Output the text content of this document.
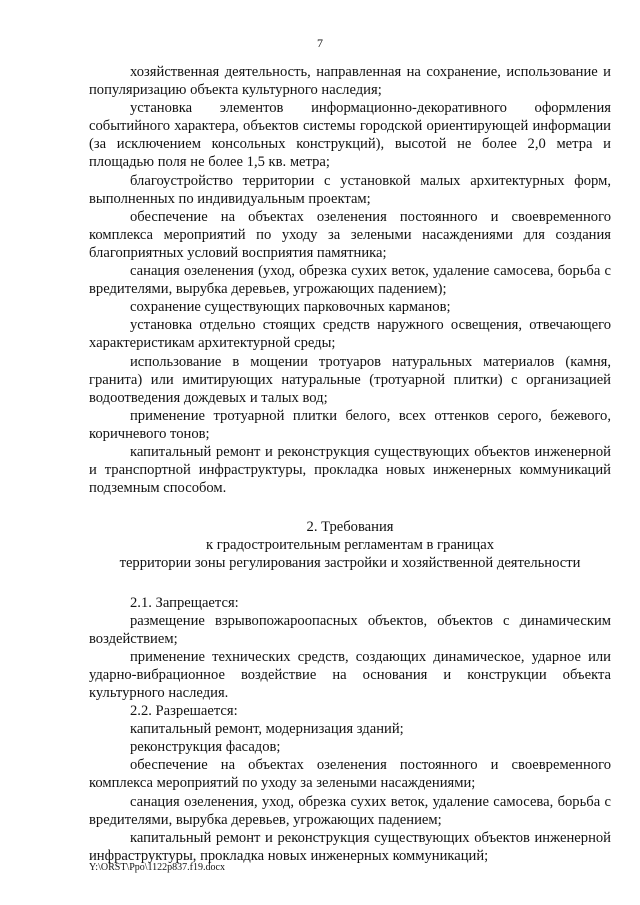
7

хозяйственная деятельность, направленная на сохранение, использование и популяризацию объекта культурного наследия;

установка элементов информационно-декоративного оформления событийного характера, объектов системы городской ориентирующей информации (за исключением консольных конструкций), высотой не более 2,0 метра и площадью поля не более 1,5 кв. метра;

благоустройство территории с установкой малых архитектурных форм, выполненных по индивидуальным проектам;

обеспечение на объектах озеленения постоянного и своевременного комплекса мероприятий по уходу за зелеными насаждениями для создания благоприятных условий восприятия памятника;

санация озеленения (уход, обрезка сухих веток, удаление самосева, борьба с вредителями, вырубка деревьев, угрожающих падением);

сохранение существующих парковочных карманов;

установка отдельно стоящих средств наружного освещения, отвечающего характеристикам архитектурной среды;

использование в мощении тротуаров натуральных материалов (камня, гранита) или имитирующих натуральные (тротуарной плитки) с организацией водоотведения дождевых и талых вод;

применение тротуарной плитки белого, всех оттенков серого, бежевого, коричневого тонов;

капитальный ремонт и реконструкция существующих объектов инженерной и транспортной инфраструктуры, прокладка новых инженерных коммуникаций подземным способом.

2. Требования

к градостроительным регламентам в границах

территории зоны регулирования застройки и хозяйственной деятельности

2.1. Запрещается:

размещение взрывопожароопасных объектов, объектов с динамическим воздействием;

применение технических средств, создающих динамическое, ударное или ударно-вибрационное воздействие на основания и конструкции объекта культурного наследия.

2.2. Разрешается:

капитальный ремонт, модернизация зданий;

реконструкция фасадов;

обеспечение на объектах озеленения постоянного и своевременного комплекса мероприятий по уходу за зелеными насаждениями;

санация озеленения, уход, обрезка сухих веток, удаление самосева, борьба с вредителями, вырубка деревьев, угрожающих падением;

капитальный ремонт и реконструкция существующих объектов инженерной инфраструктуры, прокладка новых инженерных коммуникаций;

Y:\ORST\Ppo\1122p837.f19.docx
